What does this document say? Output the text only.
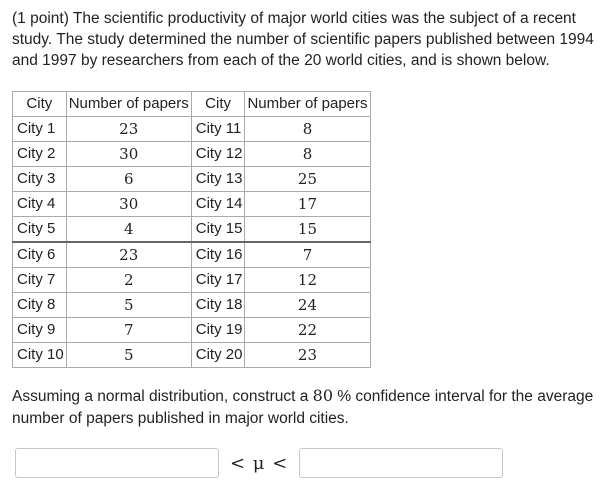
(1 point) The scientific productivity of major world cities was the subject of a recent study. The study determined the number of scientific papers published between 1994 and 1997 by researchers from each of the 20 world cities, and is shown below.
City	Number of papers	City	Number of papers
City 1	23	City 11	8
City 2	30	City 12	8
City 3	6	City 13	25
City 4	30	City 14	17
City 5	4	City 15	15
City 6	23	City 16	7
City 7	2	City 17	12
City 8	5	City 18	24
City 9	7	City 19	22
City 10	5	City 20	23
Assuming a normal distribution, construct a 80 % confidence interval for the average number of papers published in major world cities.
< μ <
